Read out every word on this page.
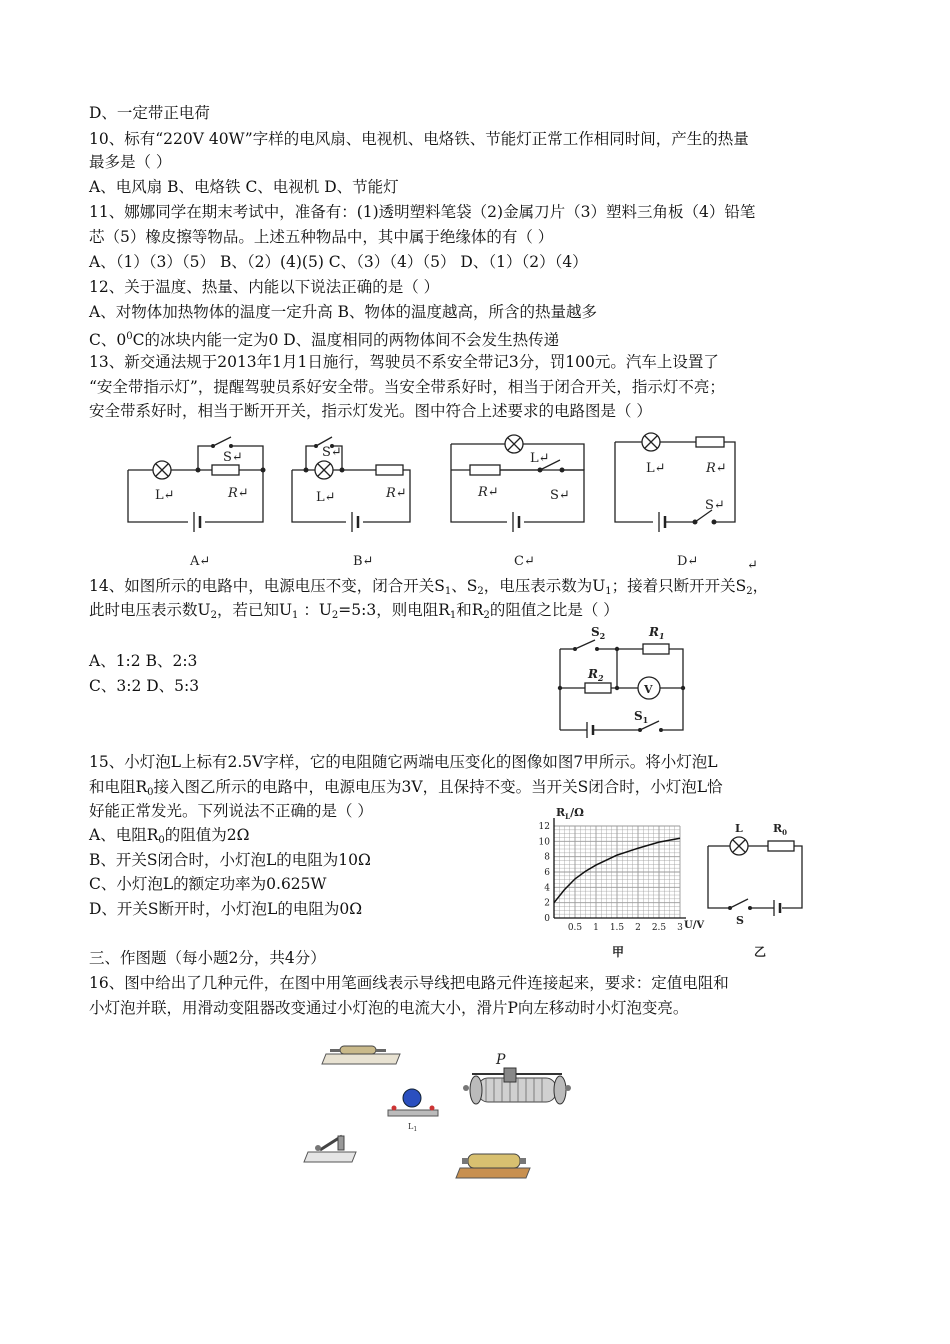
D、一定带正电荷
10、标有“220V 40W”字样的电风扇、电视机、电烙铁、节能灯正常工作相同时间，产生的热量
最多是（ ）
A、电风扇 B、电烙铁 C、电视机 D、节能灯
11、娜娜同学在期末考试中，准备有：(1)透明塑料笔袋（2)金属刀片（3）塑料三角板（4）铅笔
芯（5）橡皮擦等物品。上述五种物品中，其中属于绝缘体的有（ ）
A、（1）（3）（5） B、（2）(4)(5) C、（3）（4）（5） D、（1）（2）（4）
12、关于温度、热量、内能以下说法正确的是（ ）
A、对物体加热物体的温度一定升高 B、物体的温度越高，所含的热量越多
C、$0^0C$的冰块内能一定为0 D、温度相同的两物体间不会发生热传递
13、新交通法规于2013年1月1日施行，驾驶员不系安全带记3分，罚100元。汽车上设置了
“安全带指示灯”，提醒驾驶员系好安全带。当安全带系好时，相当于闭合开关，指示灯不亮；
安全带系好时，相当于断开开关，指示灯发光。图中符合上述要求的电路图是（ ）
S↵
L↵	R↵
S↵
L↵	R↵
L↵
R↵	S↵
L↵	R↵
S↵
A↵	B↵	C↵	D↵	↵
14、如图所示的电路中，电源电压不变，闭合开关$S_1$、$S_2$，电压表示数为$U_1$；接着只断开开关$S_2$，
此时电压表示数$U_2$，若已知$U_1$ ：$U_2=5:3$，则电阻$R_1$和$R_2$的阻值之比是（ ）
A、1:2 B、2:3
C、3:2 D、5:3
$S_2$	$R_1$
$R_2$
V
$S_1$
15、小灯泡L上标有2.5V字样，它的电阻随它两端电压变化的图像如图7甲所示。将小灯泡L
和电阻$R_0$接入图乙所示的电路中，电源电压为3V，且保持不变。当开关S闭合时，小灯泡L恰
好能正常发光。下列说法不正确的是（ ）
A、电阻$R_0$的阻值为2Ω
B、开关S闭合时，小灯泡L的电阻为10Ω
C、小灯泡L的额定功率为0.625W
D、开关S断开时，小灯泡L的电阻为0Ω
0
2
4
6
8
10
12
0.5 1 1.5 2 2.5 3
$R_L/\Omega$
U/V
甲
L	$R_0$
S
乙
三、作图题（每小题2分，共4分）
16、图中给出了几种元件，在图中用笔画线表示导线把电路元件连接起来，要求：定值电阻和
小灯泡并联，用滑动变阻器改变通过小灯泡的电流大小，滑片P向左移动时小灯泡变亮。
P
$L_1$
